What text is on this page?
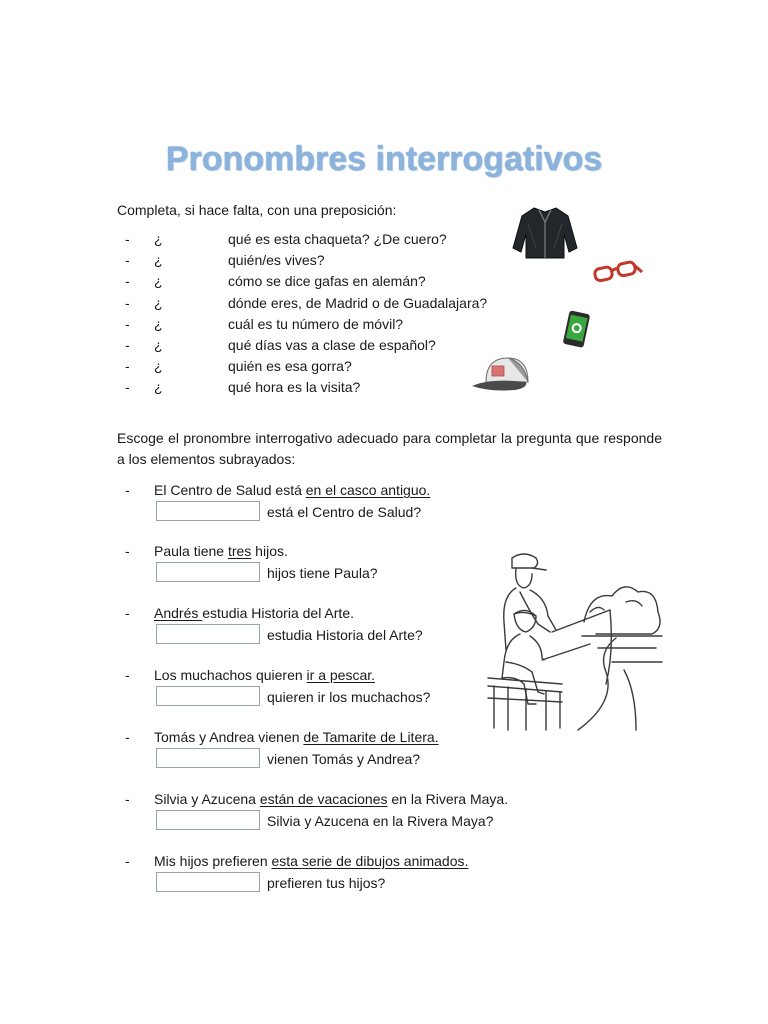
Pronombres interrogativos
Completa, si hace falta, con una preposición:
- ¿	qué es esta chaqueta? ¿De cuero?
- ¿	quién/es vives?
- ¿	cómo se dice gafas en alemán?
- ¿	dónde eres, de Madrid o de Guadalajara?
- ¿	cuál es tu número de móvil?
- ¿	qué días vas a clase de español?
- ¿	quién es esa gorra?
- ¿	qué hora es la visita?
Escoge el pronombre interrogativo adecuado para completar la pregunta que responde a los elementos subrayados:
- El Centro de Salud está en el casco antiguo.
está el Centro de Salud?
- Paula tiene tres hijos.
hijos tiene Paula?
- Andrés estudia Historia del Arte.
estudia Historia del Arte?
- Los muchachos quieren ir a pescar.
quieren ir los muchachos?
- Tomás y Andrea vienen de Tamarite de Litera.
vienen Tomás y Andrea?
- Silvia y Azucena están de vacaciones en la Rivera Maya.
Silvia y Azucena en la Rivera Maya?
- Mis hijos prefieren esta serie de dibujos animados.
prefieren tus hijos?
